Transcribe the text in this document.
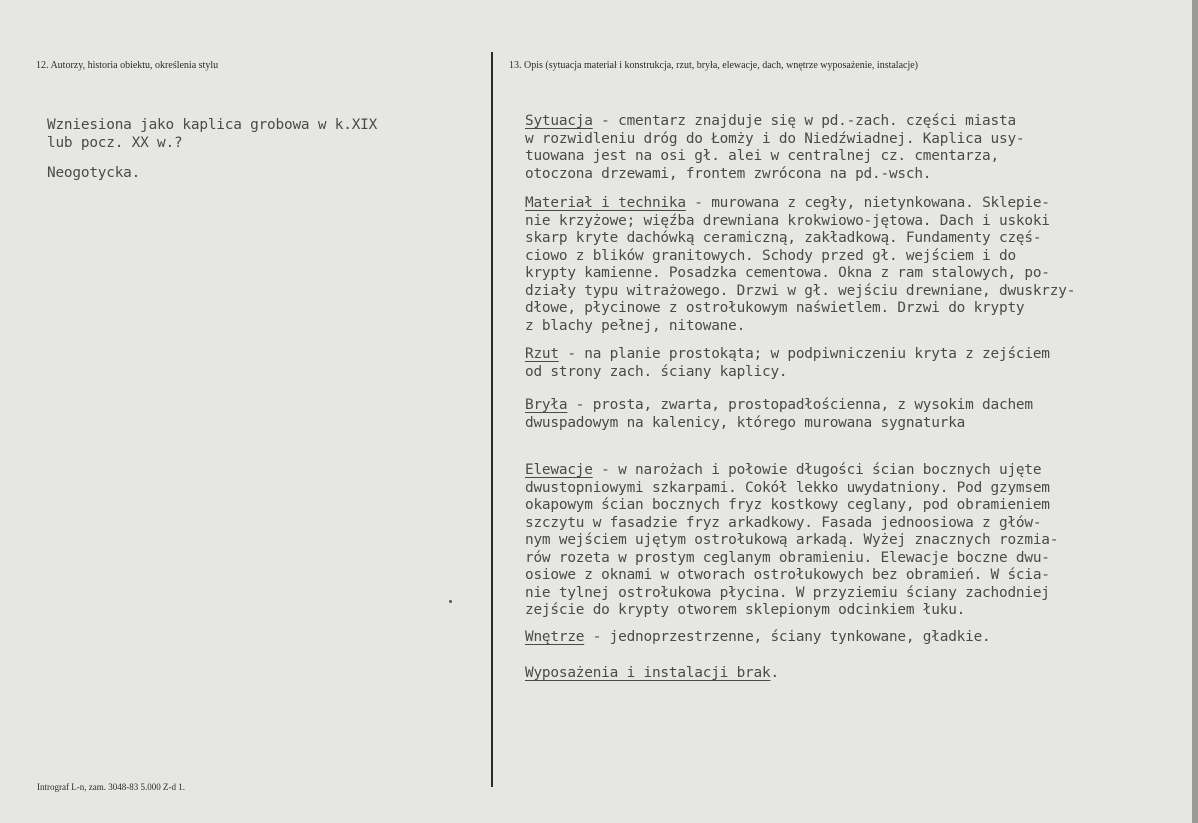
12. Autorzy, historia obiektu, określenia stylu	13. Opis (sytuacja materiał i konstrukcja, rzut, bryła, elewacje, dach, wnętrze wyposażenie, instalacje)
Wzniesiona jako kaplica grobowa w k.XIX
lub pocz. XX w.?
Neogotycka.
Sytuacja - cmentarz znajduje się w pd.-zach. części miasta
w rozwidleniu dróg do Łomży i do Niedźwiadnej. Kaplica usy-
tuowana jest na osi gł. alei w centralnej cz. cmentarza,
otoczona drzewami, frontem zwrócona na pd.-wsch.
Materiał i technika - murowana z cegły, nietynkowana. Sklepie-
nie krzyżowe; więźba drewniana krokwiowo-jętowa. Dach i uskoki
skarp kryte dachówką ceramiczną, zakładkową. Fundamenty częś-
ciowo z blików granitowych. Schody przed gł. wejściem i do
krypty kamienne. Posadzka cementowa. Okna z ram stalowych, po-
działy typu witrażowego. Drzwi w gł. wejściu drewniane, dwuskrzy-
dłowe, płycinowe z ostrołukowym naświetlem. Drzwi do krypty
z blachy pełnej, nitowane.
Rzut - na planie prostokąta; w podpiwniczeniu kryta z zejściem
od strony zach. ściany kaplicy.
Bryła - prosta, zwarta, prostopadłościenna, z wysokim dachem
dwuspadowym na kalenicy, którego murowana sygnaturka
Elewacje - w narożach i połowie długości ścian bocznych ujęte
dwustopniowymi szkarpami. Cokół lekko uwydatniony. Pod gzymsem
okapowym ścian bocznych fryz kostkowy ceglany, pod obramieniem
szczytu w fasadzie fryz arkadkowy. Fasada jednoosiowa z głów-
nym wejściem ujętym ostrołukową arkadą. Wyżej znacznych rozmia-
rów rozeta w prostym ceglanym obramieniu. Elewacje boczne dwu-
osiowe z oknami w otworach ostrołukowych bez obramień. W ścia-
nie tylnej ostrołukowa płycina. W przyziemiu ściany zachodniej
zejście do krypty otworem sklepionym odcinkiem łuku.
Wnętrze - jednoprzestrzenne, ściany tynkowane, gładkie.
Wyposażenia i instalacji brak.
Intrograf L-n, zam. 3048-83 5.000 Z-d 1.
